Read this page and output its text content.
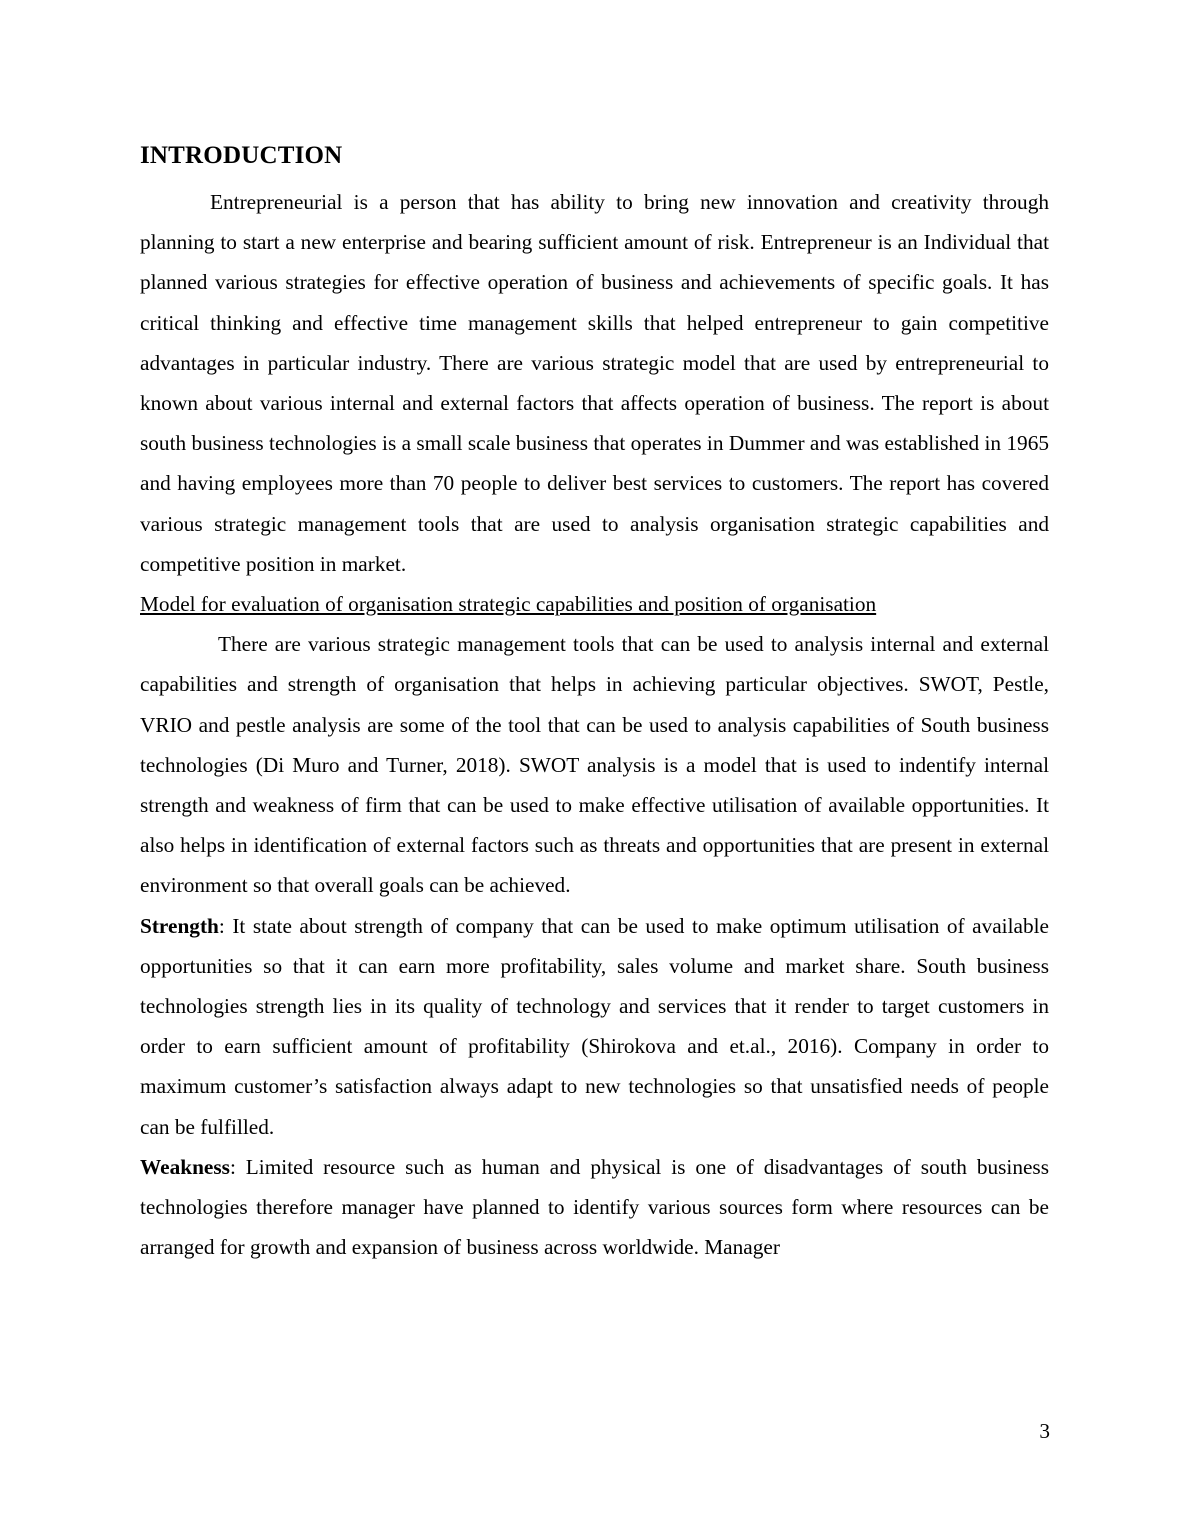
INTRODUCTION

Entrepreneurial is a person that has ability to bring new innovation and creativity through planning to start a new enterprise and bearing sufficient amount of risk. Entrepreneur is an Individual that planned various strategies for effective operation of business and achievements of specific goals. It has critical thinking and effective time management skills that helped entrepreneur to gain competitive advantages in particular industry. There are various strategic model that are used by entrepreneurial to known about various internal and external factors that affects operation of business. The report is about south business technologies is a small scale business that operates in Dummer and was established in 1965 and having employees more than 70 people to deliver best services to customers. The report has covered various strategic management tools that are used to analysis organisation strategic capabilities and competitive position in market.

Model for evaluation of organisation strategic capabilities and position of organisation

There are various strategic management tools that can be used to analysis internal and external capabilities and strength of organisation that helps in achieving particular objectives. SWOT, Pestle, VRIO and pestle analysis are some of the tool that can be used to analysis capabilities of South business technologies (Di Muro and Turner, 2018). SWOT analysis is a model that is used to indentify internal strength and weakness of firm that can be used to make effective utilisation of available opportunities. It also helps in identification of external factors such as threats and opportunities that are present in external environment so that overall goals can be achieved.

Strength: It state about strength of company that can be used to make optimum utilisation of available opportunities so that it can earn more profitability, sales volume and market share. South business technologies strength lies in its quality of technology and services that it render to target customers in order to earn sufficient amount of profitability (Shirokova and et.al., 2016). Company in order to maximum customer’s satisfaction always adapt to new technologies so that unsatisfied needs of people can be fulfilled.

Weakness: Limited resource such as human and physical is one of disadvantages of south business technologies therefore manager have planned to identify various sources form where resources can be arranged for growth and expansion of business across worldwide. Manager

3
